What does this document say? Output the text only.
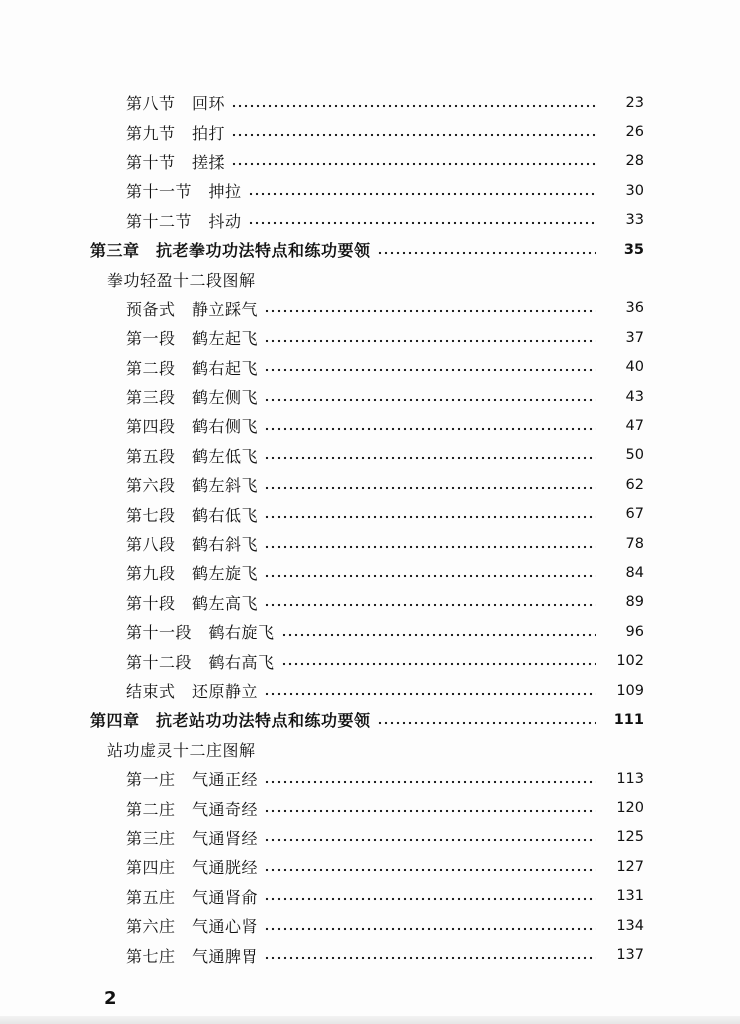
第八节　回环	23
第九节　拍打	26
第十节　搓揉	28
第十一节　抻拉	30
第十二节　抖动	33
第三章　抗老拳功功法特点和练功要领	35
拳功轻盈十二段图解
预备式　静立踩气	36
第一段　鹤左起飞	37
第二段　鹤右起飞	40
第三段　鹤左侧飞	43
第四段　鹤右侧飞	47
第五段　鹤左低飞	50
第六段　鹤左斜飞	62
第七段　鹤右低飞	67
第八段　鹤右斜飞	78
第九段　鹤左旋飞	84
第十段　鹤左高飞	89
第十一段　鹤右旋飞	96
第十二段　鹤右高飞	102
结束式　还原静立	109
第四章　抗老站功功法特点和练功要领	111
站功虚灵十二庄图解
第一庄　气通正经	113
第二庄　气通奇经	120
第三庄　气通肾经	125
第四庄　气通胱经	127
第五庄　气通肾俞	131
第六庄　气通心肾	134
第七庄　气通脾胃	137
2
